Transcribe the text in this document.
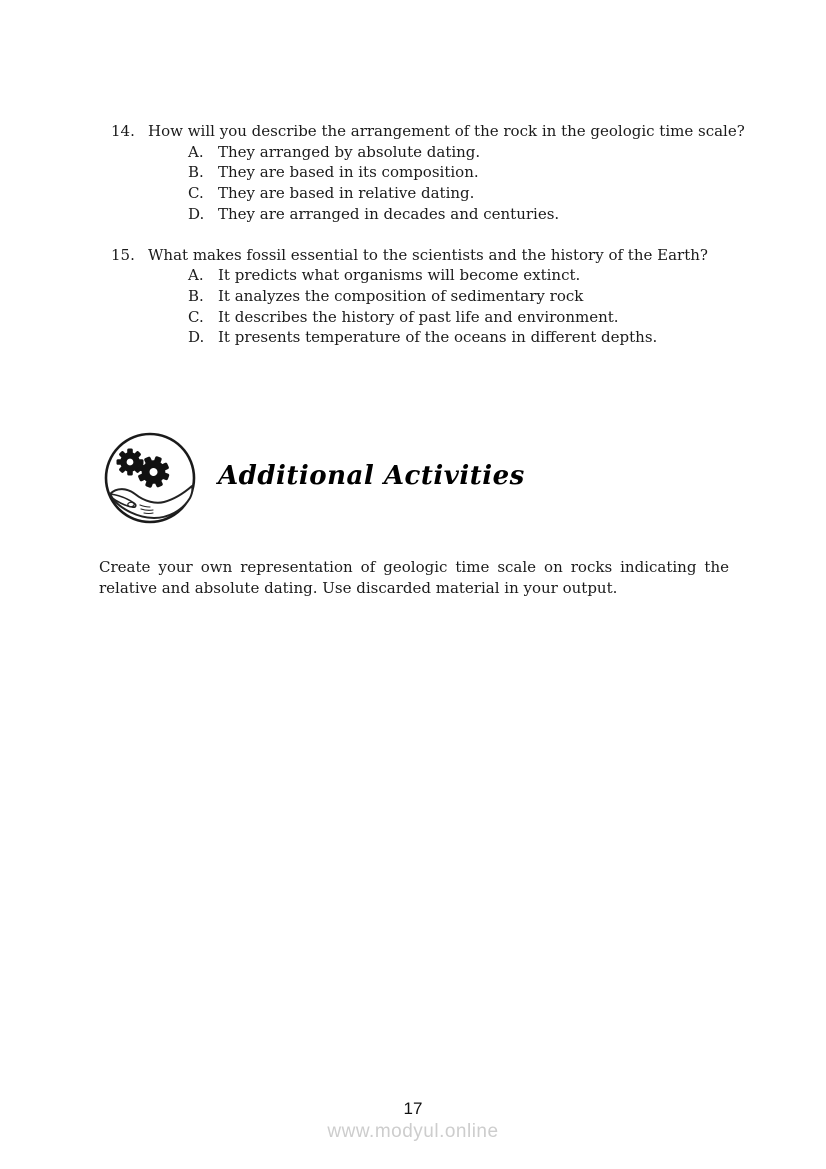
14. How will you describe the arrangement of the rock in the geologic time scale?
A. They arranged by absolute dating.
B. They are based in its composition.
C. They are based in relative dating.
D. They are arranged in decades and centuries.
15. What makes fossil essential to the scientists and the history of the Earth?
A. It predicts what organisms will become extinct.
B. It analyzes the composition of sedimentary rock
C. It describes the history of past life and environment.
D. It presents temperature of the oceans in different depths.
Additional Activities

Create your own representation of geologic time scale on rocks indicating the relative and absolute dating. Use discarded material in your output.

17
www.modyul.online
